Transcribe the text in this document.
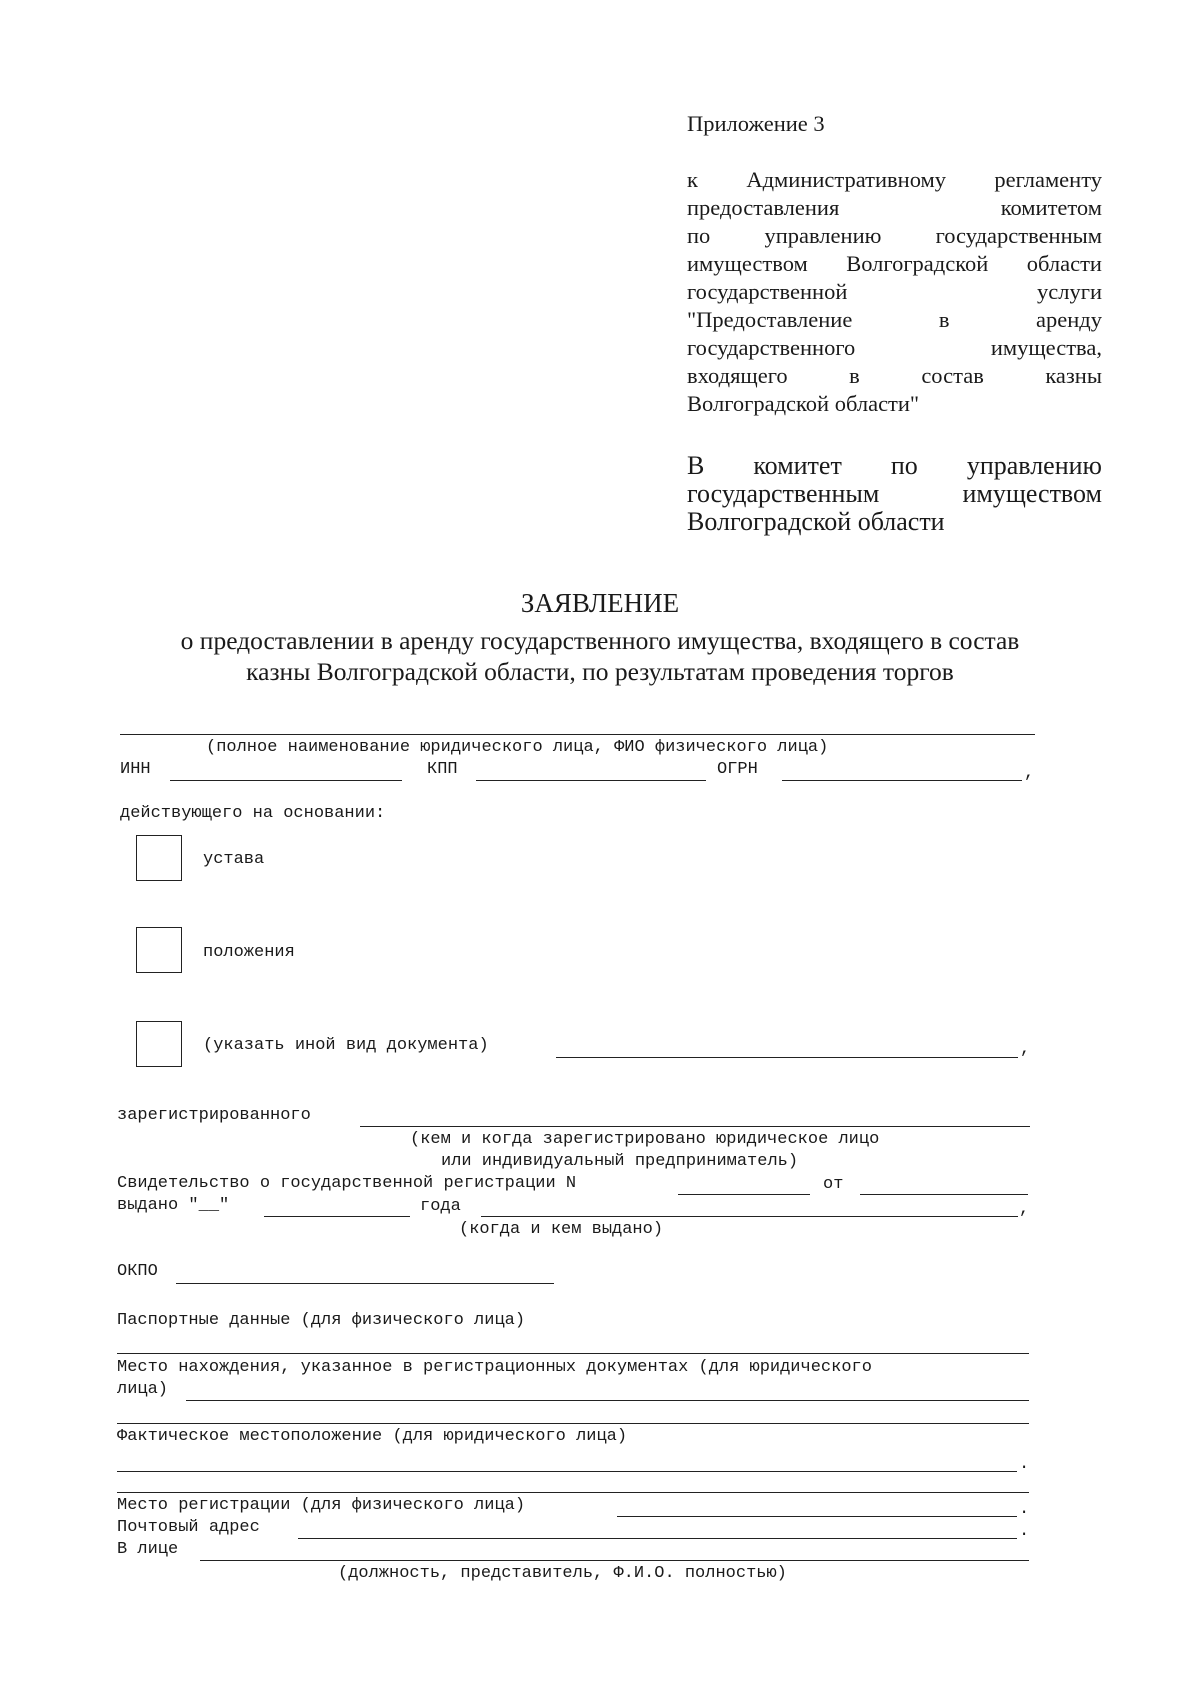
Приложение 3
к Административному регламенту
предоставления	комитетом
по управлению государственным
имуществом Волгоградской области
государственной	услуги
"Предоставление	в	аренду
государственного	имущества,
входящего	в	состав	казны
Волгоградской области"
В комитет по управлению
государственным	имуществом
Волгоградской области
ЗАЯВЛЕНИЕ
о предоставлении в аренду государственного имущества, входящего в состав
казны Волгоградской области, по результатам проведения торгов
(полное наименование юридического лица, ФИО физического лица)
ИНН	КПП	ОГРН	,
действующего на основании:
устава
положения
(указать иной вид документа)	,
зарегистрированного
(кем и когда зарегистрировано юридическое лицо
или индивидуальный предприниматель)
Свидетельство о государственной регистрации N	от
выдано "__"	года	,
(когда и кем выдано)
ОКПО
Паспортные данные (для физического лица)
Место нахождения, указанное в регистрационных документах (для юридического
лица)
Фактическое местоположение (для юридического лица)
.
Место регистрации (для физического лица)	.
Почтовый адрес	.
В лице
(должность, представитель, Ф.И.О. полностью)
